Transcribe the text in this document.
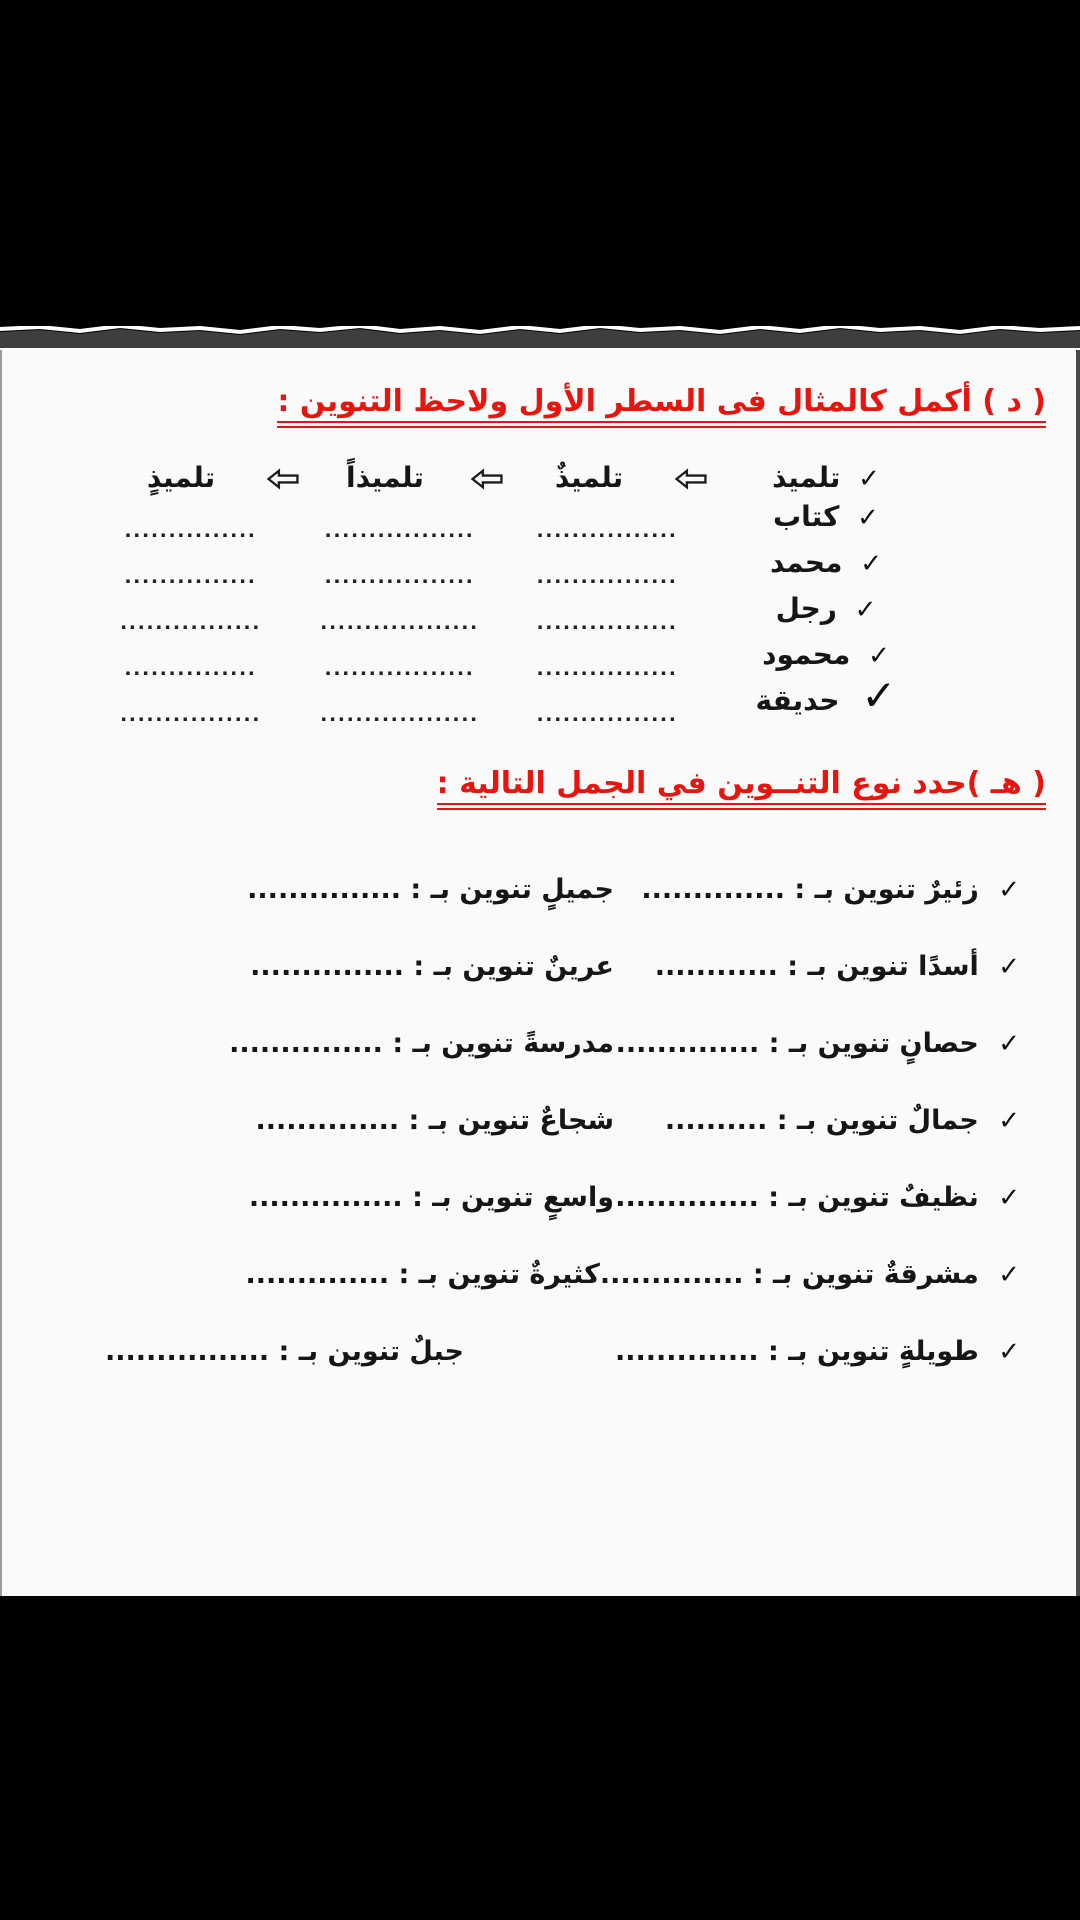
( د ) أكمل كالمثال فى السطر الأول ولاحظ التنوين :
✓ تلميذ
تلميذٌ
تلميذاً
تلميذٍ
✓ كتاب
................
.................
...............
✓ محمد
................
.................
...............
✓ رجل
................
..................
................
✓ محمود
................
.................
...............
✓ حديقة
................
..................
................
( هـ )حدد نوع التنــوين في الجمل التالية :
✓ زئيرٌ تنوين بـ : ..............
جميلٍ تنوين بـ : ...............
✓ أسدًا تنوين بـ : ............
عرينٌ تنوين بـ : ...............
✓ حصانٍ تنوين بـ : ..............
مدرسةً تنوين بـ : ...............
✓ جمالٌ تنوين بـ : ..........
شجاعٌ تنوين بـ : ..............
✓ نظيفٌ تنوين بـ : ..............
واسعٍ تنوين بـ : ...............
✓ مشرقةٌ تنوين بـ : ..............
كثيرةٌ تنوين بـ : ..............
✓ طويلةٍ تنوين بـ : ..............
جبلٌ تنوين بـ : ................
